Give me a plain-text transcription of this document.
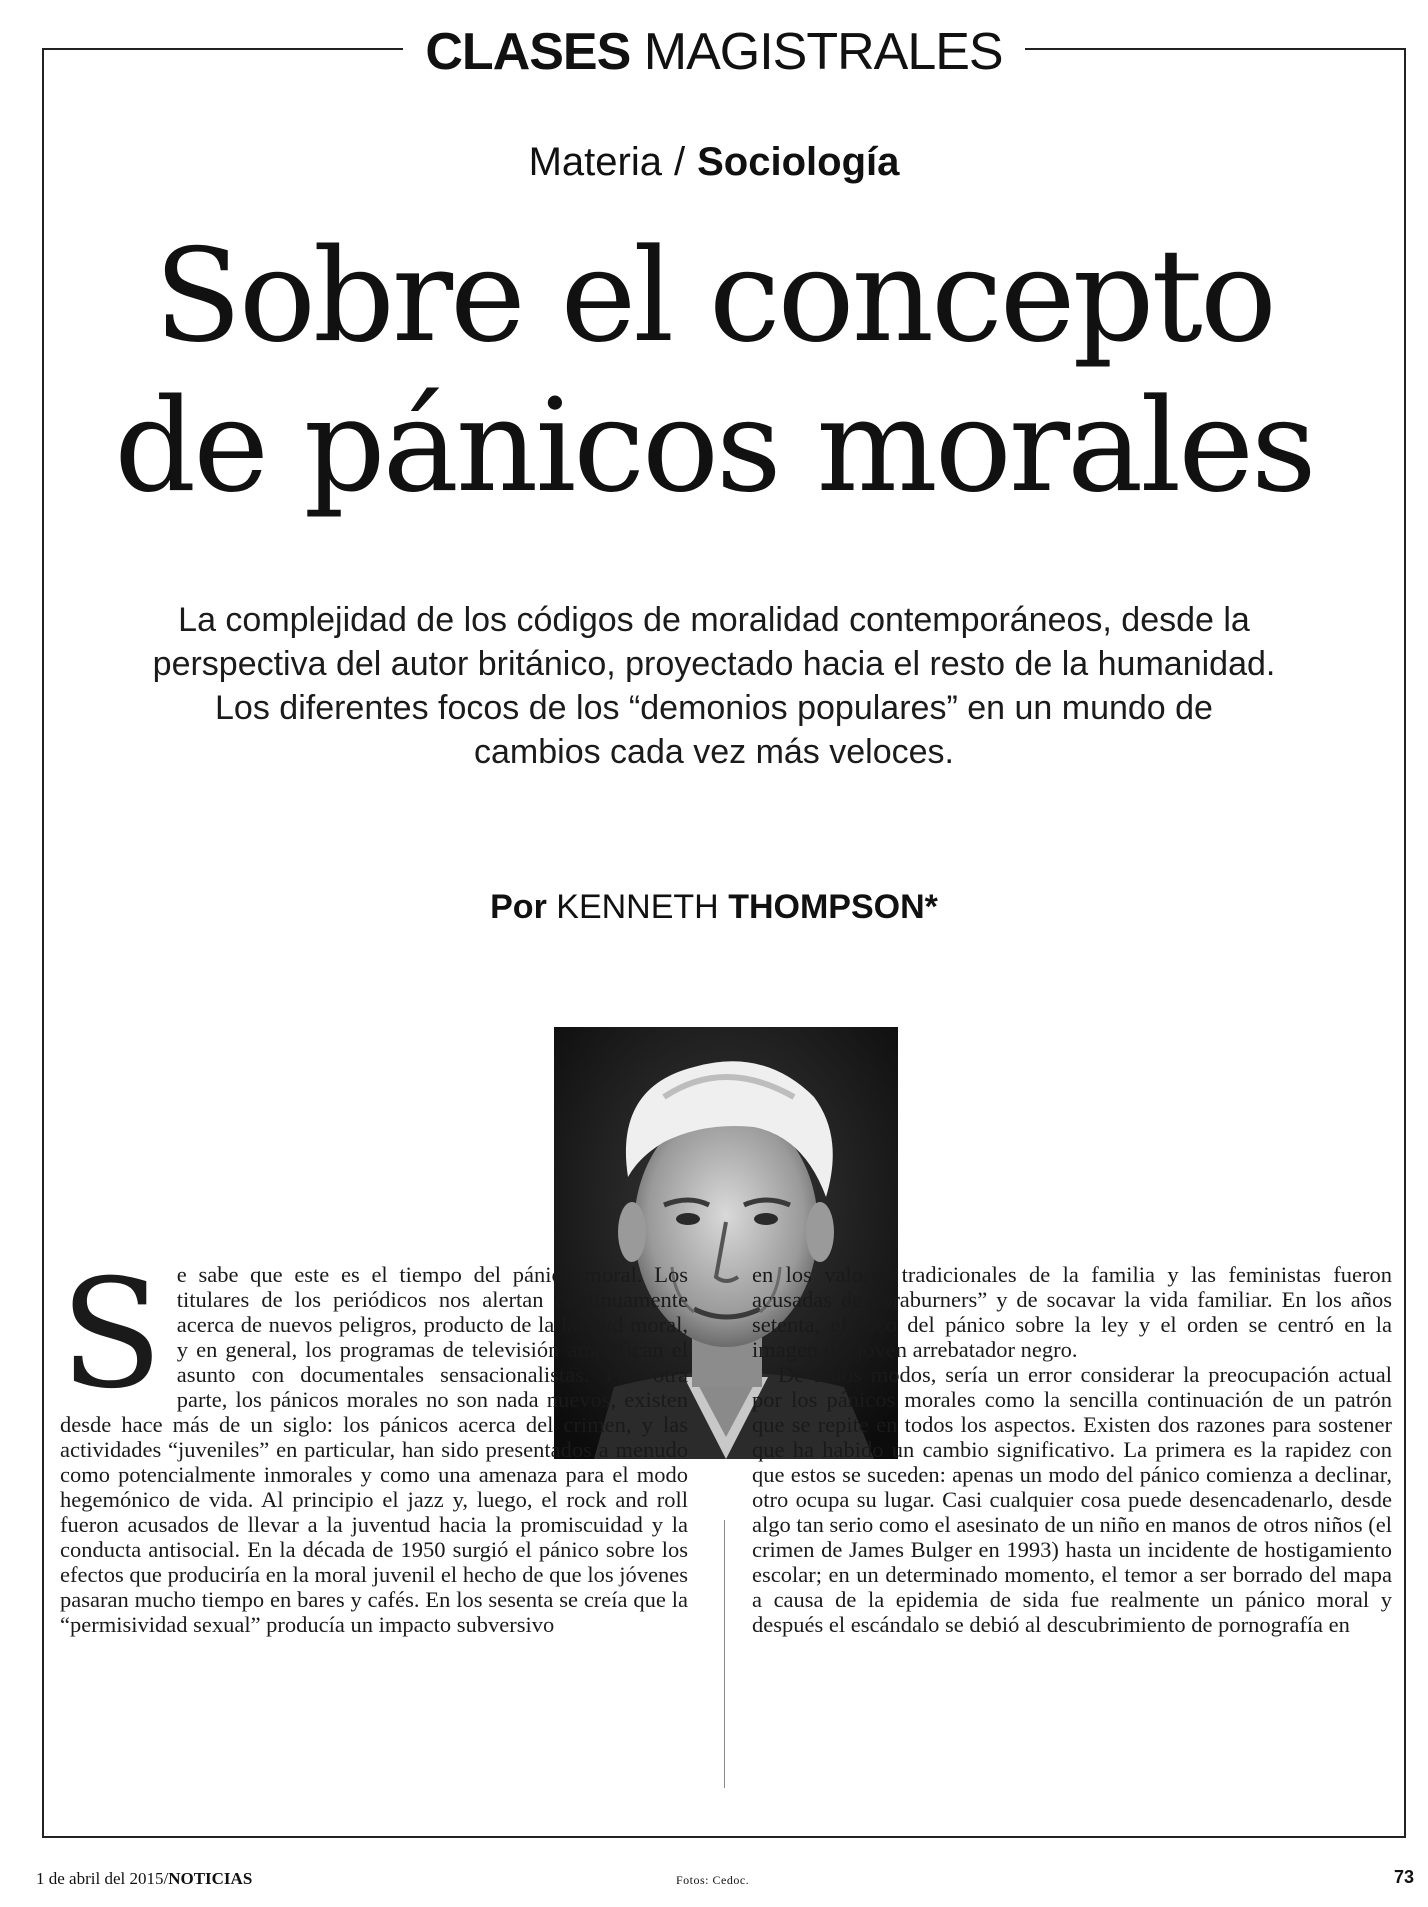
CLASES MAGISTRALES
Materia / Sociología
Sobre el concepto
de pánicos morales
La complejidad de los códigos de moralidad contemporáneos, desde la perspectiva del autor británico, proyectado hacia el resto de la humanidad. Los diferentes focos de los “demonios populares” en un mundo de cambios cada vez más veloces.
Por KENNETH THOMPSON*
S e sabe que este es el tiempo del pánico moral. Los titulares de los periódicos nos alertan continuamente acerca de nuevos peligros, producto de la laxitud moral, y en general, los programas de televisión amplifican el asunto con documentales sensacionalistas. Por otra parte, los pánicos morales no son nada nuevos, existen desde hace más de un siglo: los pánicos acerca del crimen, y las actividades “juveniles” en particular, han sido presentados a menudo como potencialmente inmorales y como una amenaza para el modo hegemónico de vida. Al principio el jazz y, luego, el rock and roll fueron acusados de llevar a la juventud hacia la promiscuidad y la conducta antisocial. En la década de 1950 surgió el pánico sobre los efectos que produciría en la moral juvenil el hecho de que los jóvenes pasaran mucho tiempo en bares y cafés. En los sesenta se creía que la “permisividad sexual” producía un impacto subversivo

en los valores tradicionales de la familia y las feministas fueron acusadas de “braburners” y de socavar la vida familiar. En los años setenta, el foco del pánico sobre la ley y el orden se centró en la imagen del joven arrebatador negro.

De todos modos, sería un error considerar la preocupación actual por los pánicos morales como la sencilla continuación de un patrón que se repite en todos los aspectos. Existen dos razones para sostener que ha habido un cambio significativo. La primera es la rapidez con que estos se suceden: apenas un modo del pánico comienza a declinar, otro ocupa su lugar. Casi cualquier cosa puede desencadenarlo, desde algo tan serio como el asesinato de un niño en manos de otros niños (el crimen de James Bulger en 1993) hasta un incidente de hostigamiento escolar; en un determinado momento, el temor a ser borrado del mapa a causa de la epidemia de sida fue realmente un pánico moral y después el escándalo se debió al descubrimiento de pornografía en

1 de abril del 2015/NOTICIAS	Fotos: Cedoc.	73
